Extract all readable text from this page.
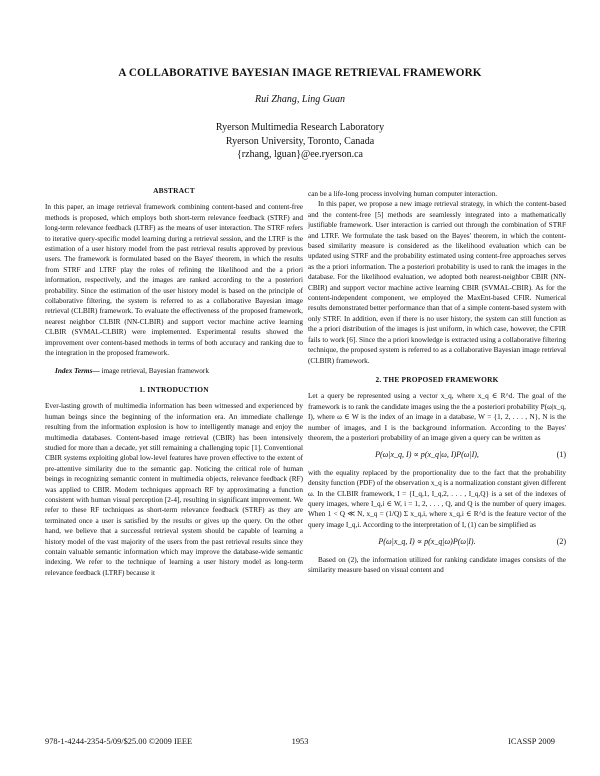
A COLLABORATIVE BAYESIAN IMAGE RETRIEVAL FRAMEWORK
Rui Zhang, Ling Guan
Ryerson Multimedia Research Laboratory
Ryerson University, Toronto, Canada
{rzhang, lguan}@ee.ryerson.ca
ABSTRACT

In this paper, an image retrieval framework combining content-based and content-free methods is proposed, which employs both short-term relevance feedback (STRF) and long-term relevance feedback (LTRF) as the means of user interaction. The STRF refers to iterative query-specific model learning during a retrieval session, and the LTRF is the estimation of a user history model from the past retrieval results approved by previous users. The framework is formulated based on the Bayes' theorem, in which the results from STRF and LTRF play the roles of refining the likelihood and the a priori information, respectively, and the images are ranked according to the a posteriori probability. Since the estimation of the user history model is based on the principle of collaborative filtering, the system is referred to as a collaborative Bayesian image retrieval (CLBIR) framework. To evaluate the effectiveness of the proposed framework, nearest neighbor CLBIR (NN-CLBIR) and support vector machine active learning CLBIR (SVMAL-CLBIR) were implemented. Experimental results showed the improvement over content-based methods in terms of both accuracy and ranking due to the integration in the proposed framework.

Index Terms— image retrieval, Bayesian framework

1. INTRODUCTION

Ever-lasting growth of multimedia information has been witnessed and experienced by human beings since the beginning of the information era. An immediate challenge resulting from the information explosion is how to intelligently manage and enjoy the multimedia databases. Content-based image retrieval (CBIR) has been intensively studied for more than a decade, yet still remaining a challenging topic [1]. Conventional CBIR systems exploiting global low-level features have proven effective to the extent of pre-attentive similarity due to the semantic gap. Noticing the critical role of human beings in recognizing semantic content in multimedia objects, relevance feedback (RF) was applied to CBIR. Modern techniques approach RF by approximating a function consistent with human visual perception [2-4], resulting in significant improvement. We refer to these RF techniques as short-term relevance feedback (STRF) as they are terminated once a user is satisfied by the results or gives up the query. On the other hand, we believe that a successful retrieval system should be capable of learning a history model of the vast majority of the users from the past retrieval results since they contain valuable semantic information which may improve the database-wide semantic indexing. We refer to the technique of learning a user history model as long-term relevance feedback (LTRF) because it

can be a life-long process involving human computer interaction.

In this paper, we propose a new image retrieval strategy, in which the content-based and the content-free [5] methods are seamlessly integrated into a mathematically justifiable framework. User interaction is carried out through the combination of STRF and LTRF. We formulate the task based on the Bayes' theorem, in which the content-based similarity measure is considered as the likelihood evaluation which can be updated using STRF and the probability estimated using content-free approaches serves as the a priori information. The a posteriori probability is used to rank the images in the database. For the likelihood evaluation, we adopted both nearest-neighbor CBIR (NN-CBIR) and support vector machine active learning CBIR (SVMAL-CBIR). As for the content-independent component, we employed the MaxEnt-based CFIR. Numerical results demonstrated better performance than that of a simple content-based system with only STRF. In addition, even if there is no user history, the system can still function as the a priori distribution of the images is just uniform, in which case, however, the CFIR fails to work [6]. Since the a priori knowledge is extracted using a collaborative filtering technique, the proposed system is referred to as a collaborative Bayesian image retrieval (CLBIR) framework.

2. THE PROPOSED FRAMEWORK

Let a query be represented using a vector x_q, where x_q ∈ R^d. The goal of the framework is to rank the candidate images using the the a posteriori probability P(ω|x_q, I), where ω ∈ W is the index of an image in a database, W = {1, 2, . . . , N}, N is the number of images, and I is the background information. According to the Bayes' theorem, the a posteriori probability of an image given a query can be written as

P(ω|x_q, I) ∝ p(x_q|ω, I)P(ω|I),	(1)

with the equality replaced by the proportionality due to the fact that the probability density function (PDF) of the observation x_q is a normalization constant given different ω. In the CLBIR framework, I = {I_q,1, I_q,2, . . . , I_q,Q} is a set of the indexes of query images, where I_q,i ∈ W, i = 1, 2, . . . , Q, and Q is the number of query images. When 1 < Q ≪ N, x_q = (1/Q) Σ x_q,i, where x_q,i ∈ R^d is the feature vector of the query image I_q,i. According to the interpretation of I, (1) can be simplified as

P(ω|x_q, I) ∝ p(x_q|ω)P(ω|I).	(2)

Based on (2), the information utilized for ranking candidate images consists of the similarity measure based on visual content and

978-1-4244-2354-5/09/$25.00 ©2009 IEEE	1953	ICASSP 2009
